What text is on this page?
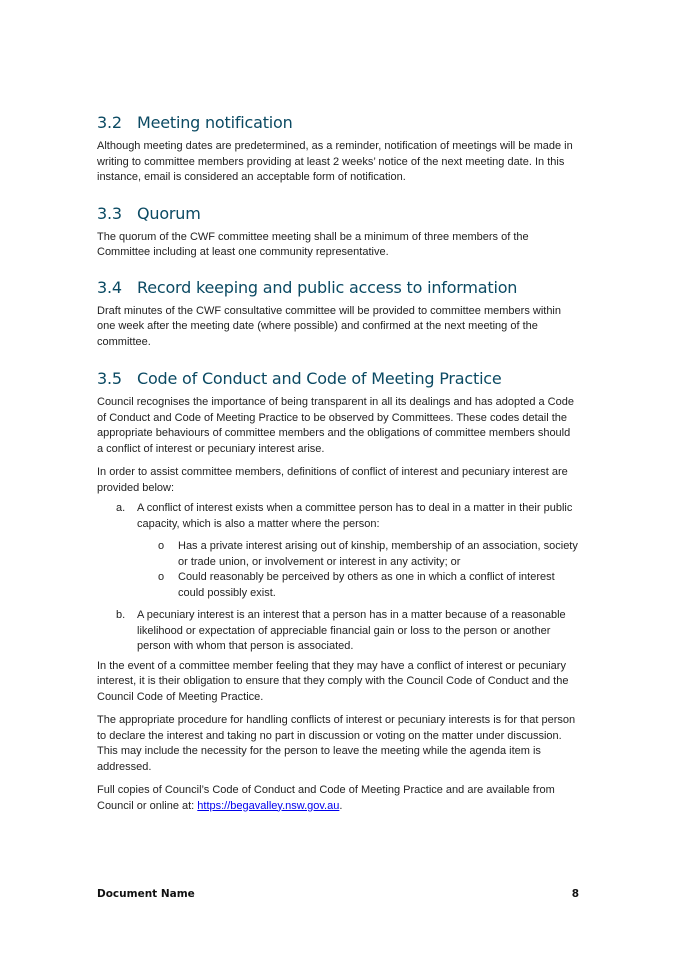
3.2 Meeting notification

Although meeting dates are predetermined, as a reminder, notification of meetings will be made in writing to committee members providing at least 2 weeks’ notice of the next meeting date. In this instance, email is considered an acceptable form of notification.

3.3 Quorum

The quorum of the CWF committee meeting shall be a minimum of three members of the Committee including at least one community representative.

3.4 Record keeping and public access to information

Draft minutes of the CWF consultative committee will be provided to committee members within one week after the meeting date (where possible) and confirmed at the next meeting of the committee.

3.5 Code of Conduct and Code of Meeting Practice

Council recognises the importance of being transparent in all its dealings and has adopted a Code of Conduct and Code of Meeting Practice to be observed by Committees. These codes detail the appropriate behaviours of committee members and the obligations of committee members should a conflict of interest or pecuniary interest arise.

In order to assist committee members, definitions of conflict of interest and pecuniary interest are provided below:

a.	A conflict of interest exists when a committee person has to deal in a matter in their public capacity, which is also a matter where the person:
o	Has a private interest arising out of kinship, membership of an association, society or trade union, or involvement or interest in any activity; or
o	Could reasonably be perceived by others as one in which a conflict of interest could possibly exist.
b.	A pecuniary interest is an interest that a person has in a matter because of a reasonable likelihood or expectation of appreciable financial gain or loss to the person or another person with whom that person is associated.

In the event of a committee member feeling that they may have a conflict of interest or pecuniary interest, it is their obligation to ensure that they comply with the Council Code of Conduct and the Council Code of Meeting Practice.

The appropriate procedure for handling conflicts of interest or pecuniary interests is for that person to declare the interest and taking no part in discussion or voting on the matter under discussion. This may include the necessity for the person to leave the meeting while the agenda item is addressed.

Full copies of Council’s Code of Conduct and Code of Meeting Practice and are available from Council or online at: https://begavalley.nsw.gov.au.

Document Name	8
